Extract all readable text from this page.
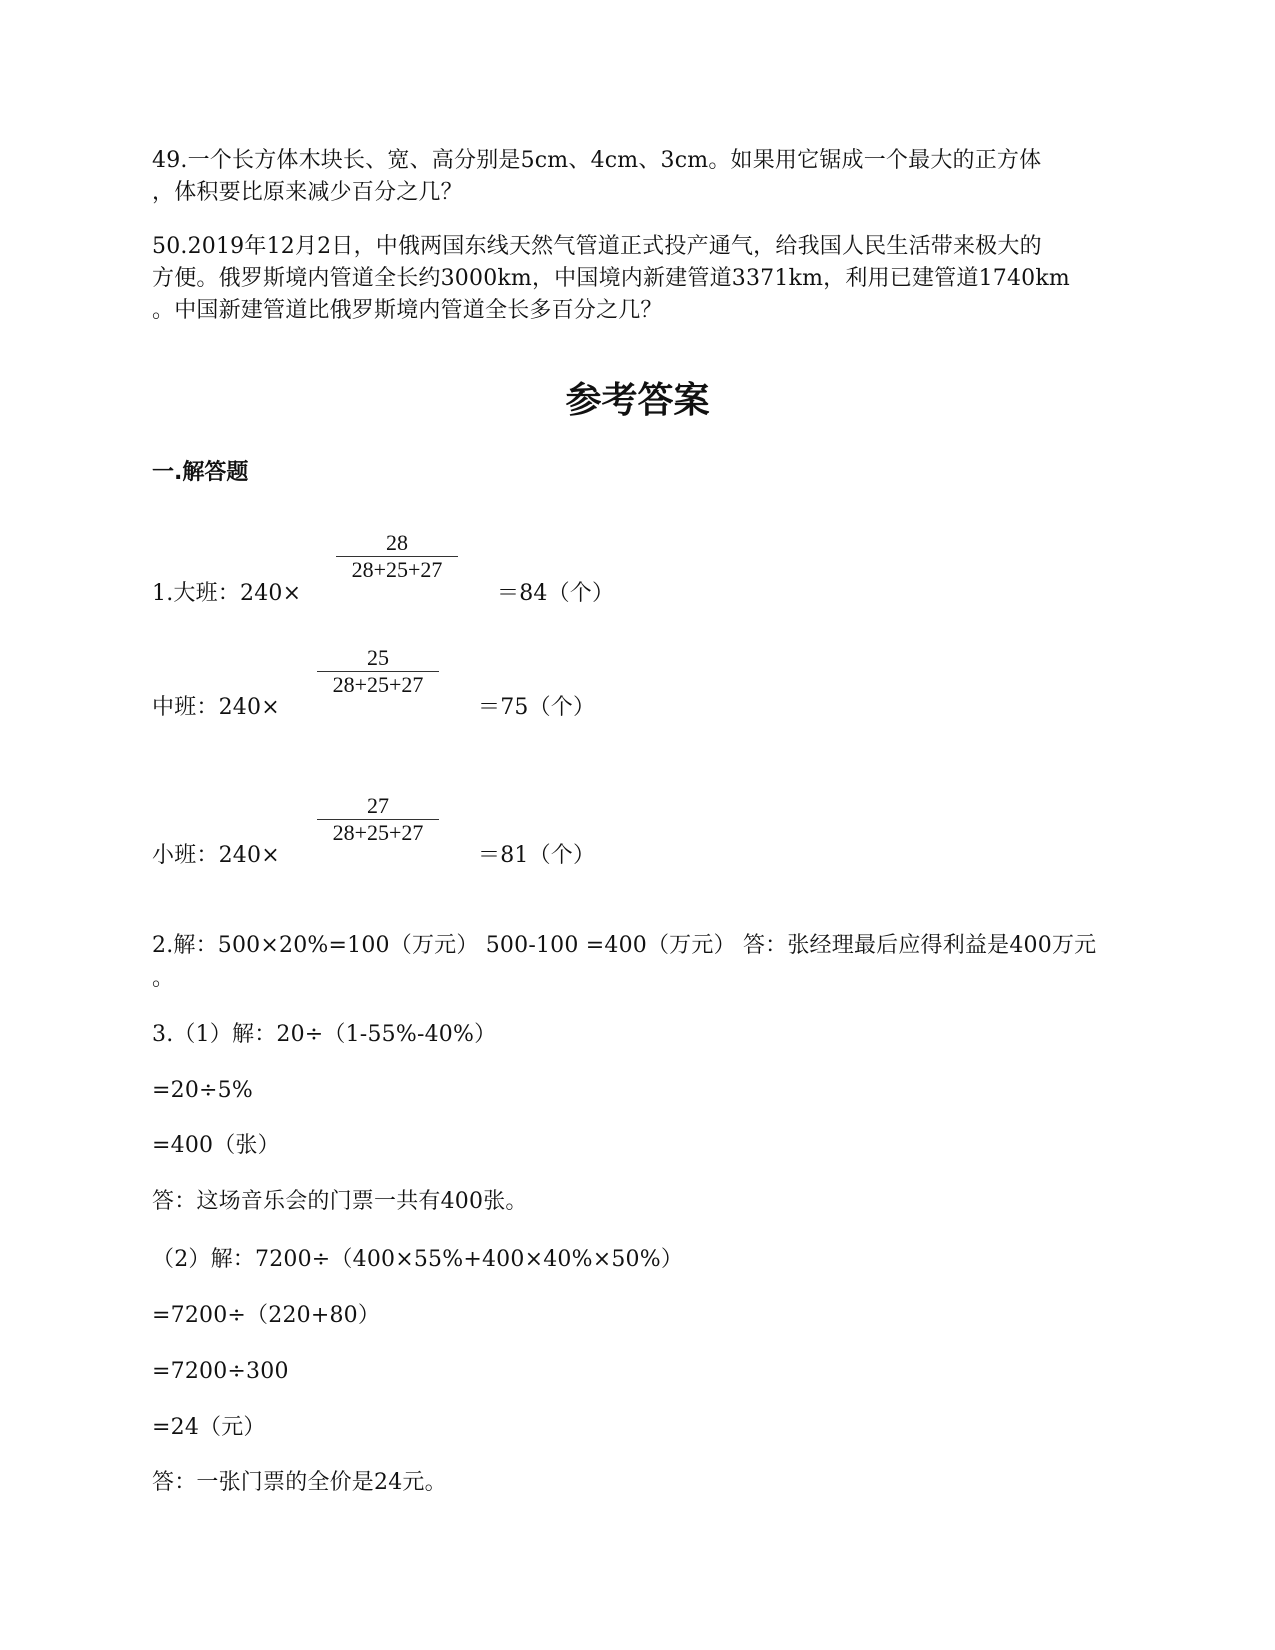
49.一个长方体木块长、宽、高分别是5cm、4cm、3cm。如果用它锯成一个最大的正方体
，体积要比原来减少百分之几？
50.2019年12月2日，中俄两国东线天然气管道正式投产通气，给我国人民生活带来极大的
方便。俄罗斯境内管道全长约3000km，中国境内新建管道3371km，利用已建管道1740km
。中国新建管道比俄罗斯境内管道全长多百分之几？
参考答案
一.解答题
1.大班：240×
28
28+25+27
＝84（个）
中班：240×
25
28+25+27
＝75（个）
小班：240×
27
28+25+27
＝81（个）
2.解：500×20%=100（万元） 500-100 =400（万元） 答：张经理最后应得利益是400万元
。
3.（1）解：20÷（1-55%-40%）
=20÷5%
=400（张）
答：这场音乐会的门票一共有400张。
（2）解：7200÷（400×55%+400×40%×50%）
=7200÷（220+80）
=7200÷300
=24（元）
答：一张门票的全价是24元。
